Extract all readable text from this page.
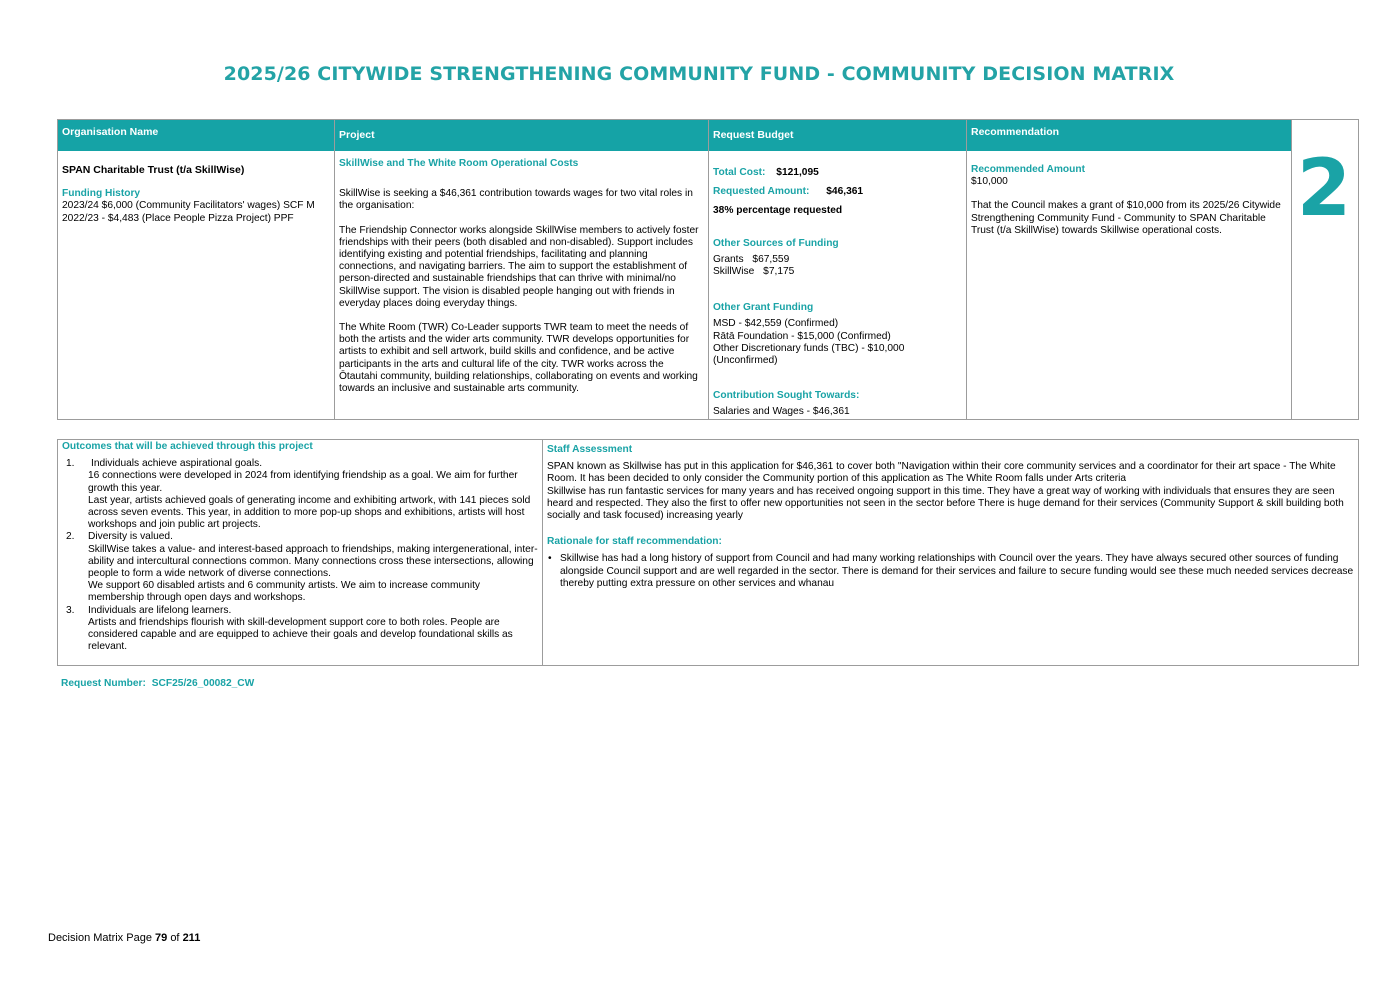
2025/26 CITYWIDE STRENGTHENING COMMUNITY FUND - COMMUNITY DECISION MATRIX
Organisation Name
SPAN Charitable Trust (t/a SkillWise)
Funding History
2023/24 $6,000 (Community Facilitators' wages) SCF M
2022/23 - $4,483 (Place People Pizza Project) PPF
Project
SkillWise and The White Room Operational Costs
SkillWise is seeking a $46,361 contribution towards wages for two vital roles in the organisation:
The Friendship Connector works alongside SkillWise members to actively foster friendships with their peers (both disabled and non-disabled). Support includes identifying existing and potential friendships, facilitating and planning connections, and navigating barriers. The aim to support the establishment of person-directed and sustainable friendships that can thrive with minimal/no SkillWise support. The vision is disabled people hanging out with friends in everyday places doing everyday things.
The White Room (TWR) Co-Leader supports TWR team to meet the needs of both the artists and the wider arts community. TWR develops opportunities for artists to exhibit and sell artwork, build skills and confidence, and be active participants in the arts and cultural life of the city. TWR works across the Ōtautahi community, building relationships, collaborating on events and working towards an inclusive and sustainable arts community.
Request Budget
Total Cost: $121,095
Requested Amount: $46,361
38% percentage requested
Other Sources of Funding
Grants $67,559
SkillWise $7,175
Other Grant Funding
MSD - $42,559 (Confirmed)
Rātā Foundation - $15,000 (Confirmed)
Other Discretionary funds (TBC) - $10,000 (Unconfirmed)
Contribution Sought Towards:
Salaries and Wages - $46,361
Recommendation
Recommended Amount
$10,000
That the Council makes a grant of $10,000 from its 2025/26 Citywide Strengthening Community Fund - Community to SPAN Charitable Trust (t/a SkillWise) towards Skillwise operational costs. 2
Outcomes that will be achieved through this project
1. Individuals achieve aspirational goals.
16 connections were developed in 2024 from identifying friendship as a goal. We aim for further growth this year.
Last year, artists achieved goals of generating income and exhibiting artwork, with 141 pieces sold across seven events. This year, in addition to more pop-up shops and exhibitions, artists will host workshops and join public art projects.
2. Diversity is valued.
SkillWise takes a value- and interest-based approach to friendships, making intergenerational, inter-ability and intercultural connections common. Many connections cross these intersections, allowing people to form a wide network of diverse connections.
We support 60 disabled artists and 6 community artists. We aim to increase community membership through open days and workshops.
3. Individuals are lifelong learners.
Artists and friendships flourish with skill-development support core to both roles. People are considered capable and are equipped to achieve their goals and develop foundational skills as relevant.
Staff Assessment
SPAN known as Skillwise has put in this application for $46,361 to cover both "Navigation within their core community services and a coordinator for their art space - The White Room. It has been decided to only consider the Community portion of this application as The White Room falls under Arts criteria
Skillwise has run fantastic services for many years and has received ongoing support in this time. They have a great way of working with individuals that ensures they are seen heard and respected. They also the first to offer new opportunities not seen in the sector before There is huge demand for their services (Community Support & skill building both socially and task focused) increasing yearly
Rationale for staff recommendation:
• Skillwise has had a long history of support from Council and had many working relationships with Council over the years. They have always secured other sources of funding alongside Council support and are well regarded in the sector. There is demand for their services and failure to secure funding would see these much needed services decrease thereby putting extra pressure on other services and whanau
Request Number: SCF25/26_00082_CW
Decision Matrix Page 79 of 211
